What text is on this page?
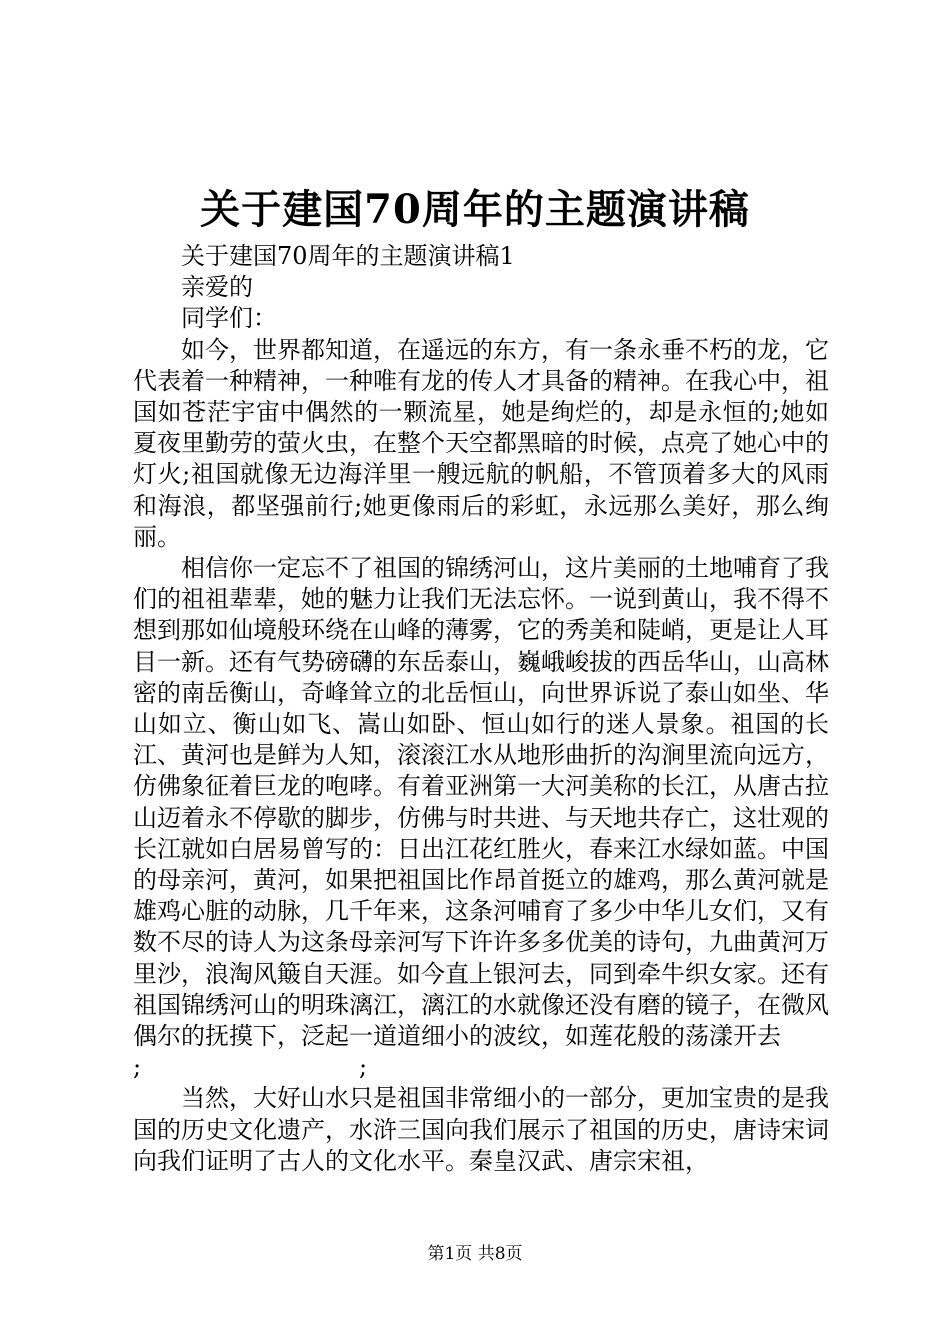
关于建国70周年的主题演讲稿

关于建国70周年的主题演讲稿1

亲爱的

同学们：

如今，世界都知道，在遥远的东方，有一条永垂不朽的龙，它代表着一种精神，一种唯有龙的传人才具备的精神。在我心中，祖国如苍茫宇宙中偶然的一颗流星，她是绚烂的，却是永恒的;她如夏夜里勤劳的萤火虫，在整个天空都黑暗的时候，点亮了她心中的灯火;祖国就像无边海洋里一艘远航的帆船，不管顶着多大的风雨和海浪，都坚强前行;她更像雨后的彩虹，永远那么美好，那么绚丽。

相信你一定忘不了祖国的锦绣河山，这片美丽的土地哺育了我们的祖祖辈辈，她的魅力让我们无法忘怀。一说到黄山，我不得不想到那如仙境般环绕在山峰的薄雾，它的秀美和陡峭，更是让人耳目一新。还有气势磅礴的东岳泰山，巍峨峻拔的西岳华山，山高林密的南岳衡山，奇峰耸立的北岳恒山，向世界诉说了泰山如坐、华山如立、衡山如飞、嵩山如卧、恒山如行的迷人景象。祖国的长江、黄河也是鲜为人知，滚滚江水从地形曲折的沟涧里流向远方，仿佛象征着巨龙的咆哮。有着亚洲第一大河美称的长江，从唐古拉山迈着永不停歇的脚步，仿佛与时共进、与天地共存亡，这壮观的长江就如白居易曾写的：日出江花红胜火，春来江水绿如蓝。中国的母亲河，黄河，如果把祖国比作昂首挺立的雄鸡，那么黄河就是雄鸡心脏的动脉，几千年来，这条河哺育了多少中华儿女们，又有数不尽的诗人为这条母亲河写下许许多多优美的诗句，九曲黄河万里沙，浪淘风簸自天涯。如今直上银河去，同到牵牛织女家。还有祖国锦绣河山的明珠漓江，漓江的水就像还没有磨的镜子，在微风偶尔的抚摸下，泛起一道道细小的波纹，如莲花般的荡漾开去

;	;

当然，大好山水只是祖国非常细小的一部分，更加宝贵的是我国的历史文化遗产，水浒三国向我们展示了祖国的历史，唐诗宋词向我们证明了古人的文化水平。秦皇汉武、唐宗宋祖，

第1页 共8页
